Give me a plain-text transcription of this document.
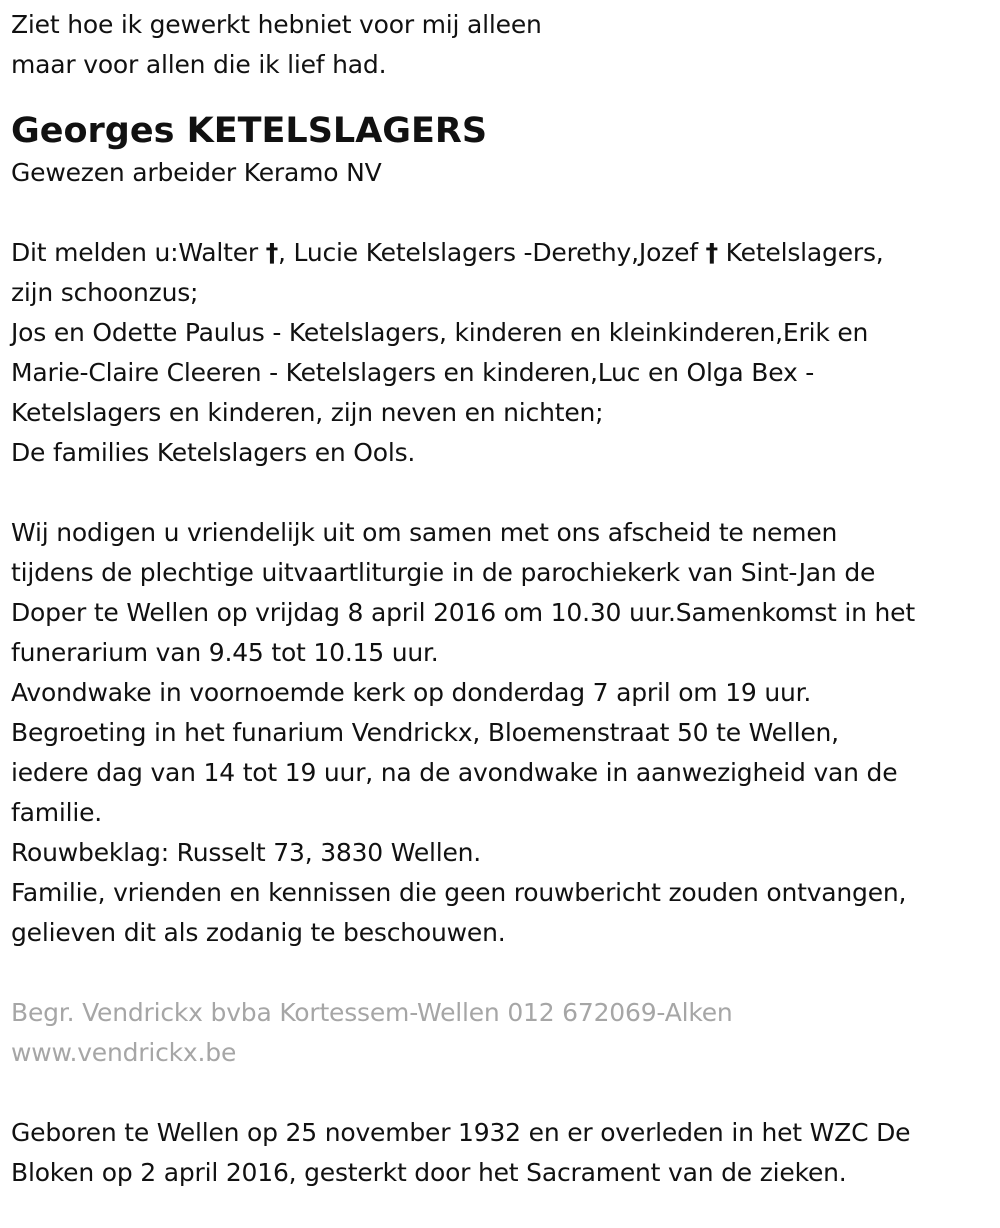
Ziet hoe ik gewerkt hebniet voor mij alleen
maar voor allen die ik lief had.
Georges KETELSLAGERS
Gewezen arbeider Keramo NV
Dit melden u:Walter †, Lucie Ketelslagers -Derethy,Jozef † Ketelslagers,
zijn schoonzus;
Jos en Odette Paulus - Ketelslagers, kinderen en kleinkinderen,Erik en
Marie-Claire Cleeren - Ketelslagers en kinderen,Luc en Olga Bex -
Ketelslagers en kinderen, zijn neven en nichten;
De families Ketelslagers en Ools.
Wij nodigen u vriendelijk uit om samen met ons afscheid te nemen
tijdens de plechtige uitvaartliturgie in de parochiekerk van Sint-Jan de
Doper te Wellen op vrijdag 8 april 2016 om 10.30 uur.Samenkomst in het
funerarium van 9.45 tot 10.15 uur.
Avondwake in voornoemde kerk op donderdag 7 april om 19 uur.
Begroeting in het funarium Vendrickx, Bloemenstraat 50 te Wellen,
iedere dag van 14 tot 19 uur, na de avondwake in aanwezigheid van de
familie.
Rouwbeklag: Russelt 73, 3830 Wellen.
Familie, vrienden en kennissen die geen rouwbericht zouden ontvangen,
gelieven dit als zodanig te beschouwen.
Begr. Vendrickx bvba Kortessem-Wellen 012 672069-Alken
www.vendrickx.be
Geboren te Wellen op 25 november 1932 en er overleden in het WZC De
Bloken op 2 april 2016, gesterkt door het Sacrament van de zieken.
